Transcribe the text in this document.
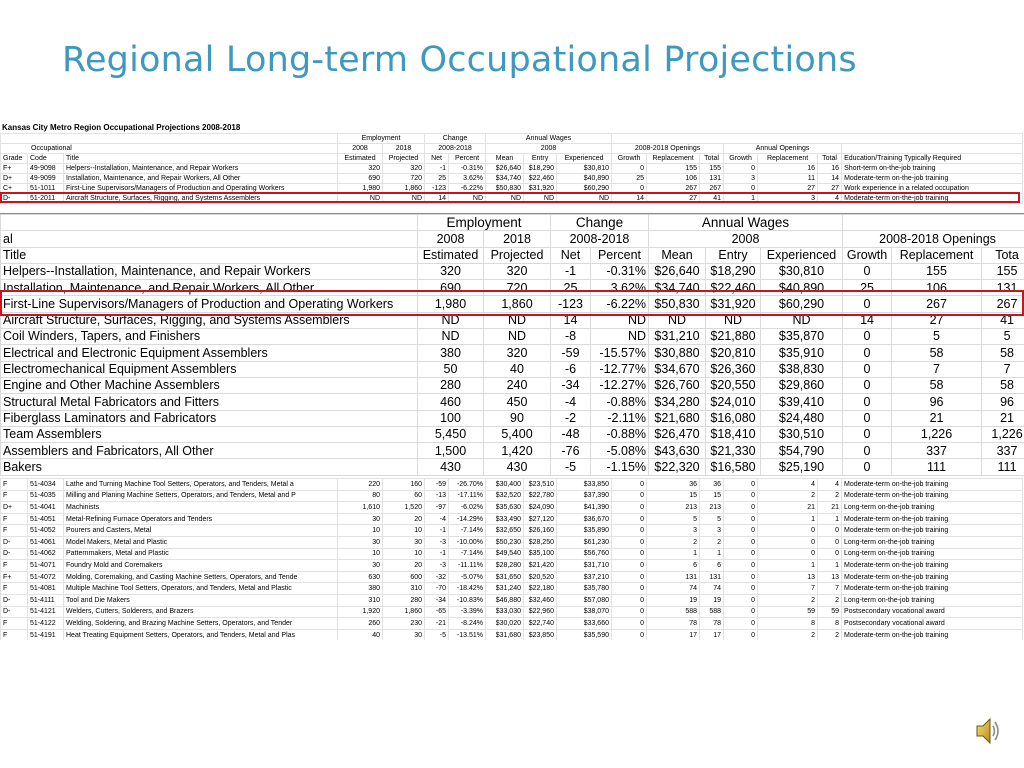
Regional Long-term Occupational Projections
Kansas City Metro Region Occupational Projections 2008-2018
			Employment		Change		Annual Wages									
Occupational			2008	2018	2008-2018		2008			2008-2018 Openings			Annual Openings			
Grade	Code	Title	Estimated	Projected	Net	Percent	Mean	Entry	Experienced	Growth	Replacement	Total	Growth	Replacement	Total	Education/Training Typically Required
F+	49-9098	Helpers--Installation, Maintenance, and Repair Workers	320	320	-1	-0.31%	$26,640	$18,290	$30,810	0	155	155	0	16	16	Short-term on-the-job training
D+	49-9099	Installation, Maintenance, and Repair Workers, All Other	690	720	25	3.62%	$34,740	$22,460	$40,890	25	106	131	3	11	14	Moderate-term on-the-job training
C+	51-1011	First-Line Supervisors/Managers of Production and Operating Workers	1,980	1,860	-123	-6.22%	$50,830	$31,920	$60,290	0	267	267	0	27	27	Work experience in a related occupation
D-	51-2011	Aircraft Structure, Surfaces, Rigging, and Systems Assemblers	ND	ND	14	ND	ND	ND	ND	14	27	41	1	3	4	Moderate-term on-the-job training
	Employment		Change		Annual Wages					
al	2008	2018	2008-2018		2008			2008-2018 Openings		
Title	Estimated	Projected	Net	Percent	Mean	Entry	Experienced	Growth	Replacement	Tota
Helpers--Installation, Maintenance, and Repair Workers	320	320	-1	-0.31%	$26,640	$18,290	$30,810	0	155	155
Installation, Maintenance, and Repair Workers, All Other	690	720	25	3.62%	$34,740	$22,460	$40,890	25	106	131
First-Line Supervisors/Managers of Production and Operating Workers	1,980	1,860	-123	-6.22%	$50,830	$31,920	$60,290	0	267	267
Aircraft Structure, Surfaces, Rigging, and Systems Assemblers	ND	ND	14	ND	ND	ND	ND	14	27	41
Coil Winders, Tapers, and Finishers	ND	ND	-8	ND	$31,210	$21,880	$35,870	0	5	5
Electrical and Electronic Equipment Assemblers	380	320	-59	-15.57%	$30,880	$20,810	$35,910	0	58	58
Electromechanical Equipment Assemblers	50	40	-6	-12.77%	$34,670	$26,360	$38,830	0	7	7
Engine and Other Machine Assemblers	280	240	-34	-12.27%	$26,760	$20,550	$29,860	0	58	58
Structural Metal Fabricators and Fitters	460	450	-4	-0.88%	$34,280	$24,010	$39,410	0	96	96
Fiberglass Laminators and Fabricators	100	90	-2	-2.11%	$21,680	$16,080	$24,480	0	21	21
Team Assemblers	5,450	5,400	-48	-0.88%	$26,470	$18,410	$30,510	0	1,226	1,226
Assemblers and Fabricators, All Other	1,500	1,420	-76	-5.08%	$43,630	$21,330	$54,790	0	337	337
Bakers	430	430	-5	-1.15%	$22,320	$16,580	$25,190	0	111	111
F	51-4034	Lathe and Turning Machine Tool Setters, Operators, and Tenders, Metal a	220	160	-59	-26.70%	$30,400	$23,510	$33,850	0	36	36	0	4	4	Moderate-term on-the-job training
F	51-4035	Milling and Planing Machine Setters, Operators, and Tenders, Metal and P	80	60	-13	-17.11%	$32,520	$22,780	$37,390	0	15	15	0	2	2	Moderate-term on-the-job training
D+	51-4041	Machinists	1,610	1,520	-97	-6.02%	$35,630	$24,090	$41,390	0	213	213	0	21	21	Long-term on-the-job training
F	51-4051	Metal-Refining Furnace Operators and Tenders	30	20	-4	-14.29%	$33,490	$27,120	$36,670	0	5	5	0	1	1	Moderate-term on-the-job training
F	51-4052	Pourers and Casters, Metal	10	10	-1	-7.14%	$32,650	$26,160	$35,890	0	3	3	0	0	0	Moderate-term on-the-job training
D-	51-4061	Model Makers, Metal and Plastic	30	30	-3	-10.00%	$50,230	$28,250	$61,230	0	2	2	0	0	0	Long-term on-the-job training
D-	51-4062	Patternmakers, Metal and Plastic	10	10	-1	-7.14%	$49,540	$35,100	$56,760	0	1	1	0	0	0	Long-term on-the-job training
F	51-4071	Foundry Mold and Coremakers	30	20	-3	-11.11%	$28,280	$21,420	$31,710	0	6	6	0	1	1	Moderate-term on-the-job training
F+	51-4072	Molding, Coremaking, and Casting Machine Setters, Operators, and Tende	630	600	-32	-5.07%	$31,650	$20,520	$37,210	0	131	131	0	13	13	Moderate-term on-the-job training
F	51-4081	Multiple Machine Tool Setters, Operators, and Tenders, Metal and Plastic	380	310	-70	-18.42%	$31,240	$22,180	$35,780	0	74	74	0	7	7	Moderate-term on-the-job training
D-	51-4111	Tool and Die Makers	310	280	-34	-10.83%	$46,880	$32,460	$57,080	0	19	19	0	2	2	Long-term on-the-job training
D-	51-4121	Welders, Cutters, Solderers, and Brazers	1,920	1,860	-65	-3.39%	$33,030	$22,960	$38,070	0	588	588	0	59	59	Postsecondary vocational award
F	51-4122	Welding, Soldering, and Brazing Machine Setters, Operators, and Tender	260	230	-21	-8.24%	$30,020	$22,740	$33,660	0	78	78	0	8	8	Postsecondary vocational award
F	51-4191	Heat Treating Equipment Setters, Operators, and Tenders, Metal and Plas	40	30	-5	-13.51%	$31,680	$23,850	$35,590	0	17	17	0	2	2	Moderate-term on-the-job training
